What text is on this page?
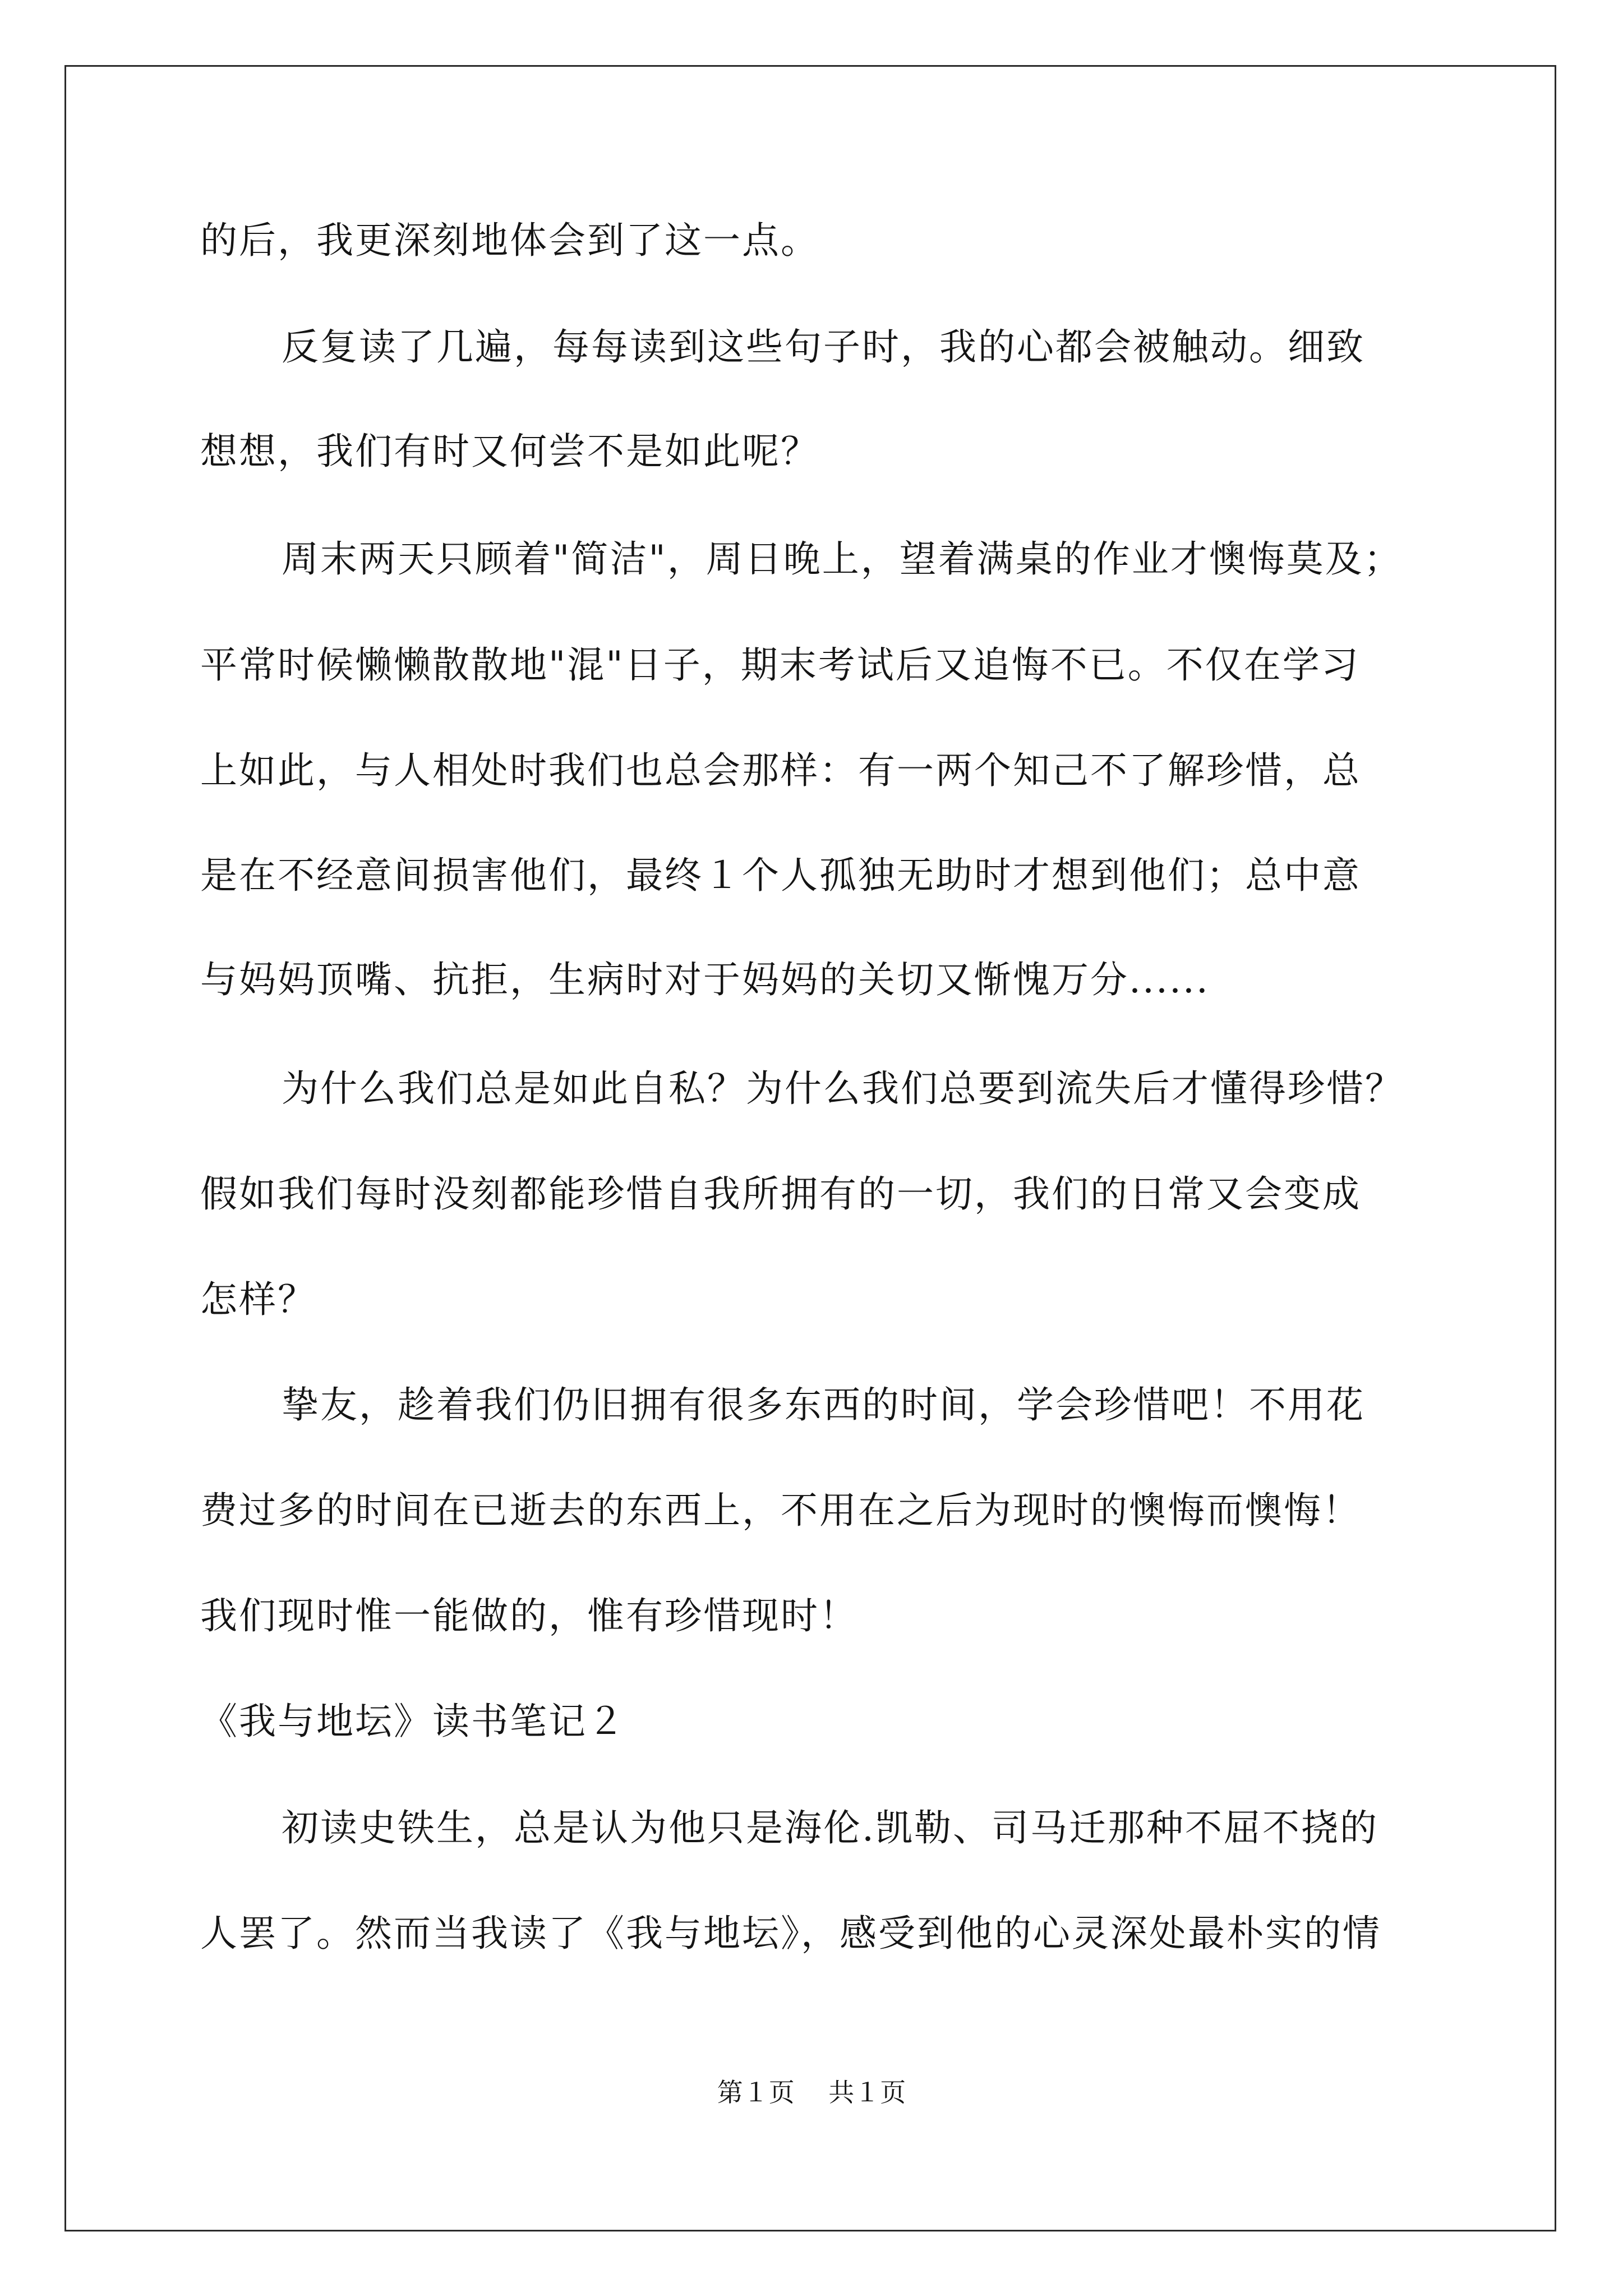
的后，我更深刻地体会到了这一点。
反复读了几遍，每每读到这些句子时，我的心都会被触动。细致
想想，我们有时又何尝不是如此呢？
周末两天只顾着"简洁"，周日晚上，望着满桌的作业才懊悔莫及；
平常时候懒懒散散地"混"日子，期末考试后又追悔不已。不仅在学习
上如此，与人相处时我们也总会那样：有一两个知己不了解珍惜，总
是在不经意间损害他们，最终１个人孤独无助时才想到他们；总中意
与妈妈顶嘴、抗拒，生病时对于妈妈的关切又惭愧万分......
为什么我们总是如此自私？为什么我们总要到流失后才懂得珍惜？
假如我们每时没刻都能珍惜自我所拥有的一切，我们的日常又会变成
怎样？
挚友，趁着我们仍旧拥有很多东西的时间，学会珍惜吧！不用花
费过多的时间在已逝去的东西上，不用在之后为现时的懊悔而懊悔！
我们现时惟一能做的，惟有珍惜现时！
《我与地坛》读书笔记２
初读史铁生，总是认为他只是海伦.凯勒、司马迁那种不屈不挠的
人罢了。然而当我读了《我与地坛》，感受到他的心灵深处最朴实的情
第１页　 共１页
